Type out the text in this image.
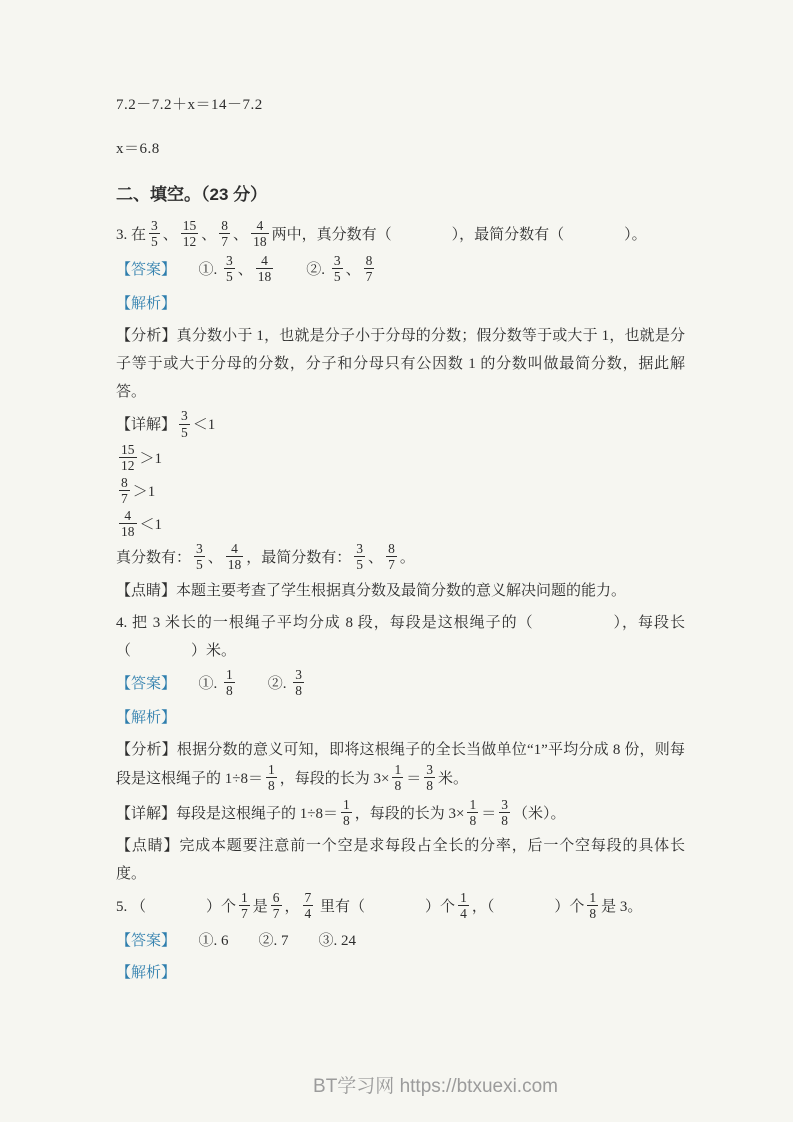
7.2－7.2＋x＝14－7.2
x＝6.8
二、填空。（23 分）
3. 在 $\frac{3}{5}$ 、 $\frac{15}{12}$ 、 $\frac{8}{7}$ 、 $\frac{4}{18}$ 两中，真分数有（　　　　），最简分数有（　　　　）。
【答案】　　①. $\frac{3}{5}$ 、 $\frac{4}{18}$ 　　②. $\frac{3}{5}$ 、 $\frac{8}{7}$
【解析】
【分析】真分数小于 1，也就是分子小于分母的分数；假分数等于或大于 1，也就是分子等于或大于分母的分数，分子和分母只有公因数 1 的分数叫做最简分数，据此解答。
【详解】 $\frac{3}{5} <1$
$\frac{15}{12} >1$
$\frac{8}{7} >1$
$\frac{4}{18} <1$
真分数有： $\frac{3}{5}$ 、 $\frac{4}{18}$ ，最简分数有： $\frac{3}{5}$ 、 $\frac{8}{7}$ 。
【点睛】本题主要考查了学生根据真分数及最简分数的意义解决问题的能力。
4. 把 3 米长的一根绳子平均分成 8 段，每段是这根绳子的（　　　　　），每段长（　　　　）米。
【答案】　　①. $\frac{1}{8}$ 　　②. $\frac{3}{8}$
【解析】
【分析】根据分数的意义可知，即将这根绳子的全长当做单位“1”平均分成 8 份，则每段是这根绳子的 $1\div 8= \frac{1}{8}$ ，每段的长为 $3\times \frac{1}{8} = \frac{3}{8}$ 米。
【详解】每段是这根绳子的 $1\div 8= \frac{1}{8}$ ，每段的长为 $3\times \frac{1}{8} = \frac{3}{8}$ （米）。
【点睛】完成本题要注意前一个空是求每段占全长的分率，后一个空每段的具体长度。
5. （　　　　）个 $\frac{1}{7}$ 是 $\frac{6}{7}$ ， $\frac{7}{4}$ 里有（　　　　）个 $\frac{1}{4}$ ，（　　　　）个 $\frac{1}{8}$ 是 3。
【答案】　　①. 6　　②. 7　　③. 24
【解析】
BT学习网 https://btxuexi.com
